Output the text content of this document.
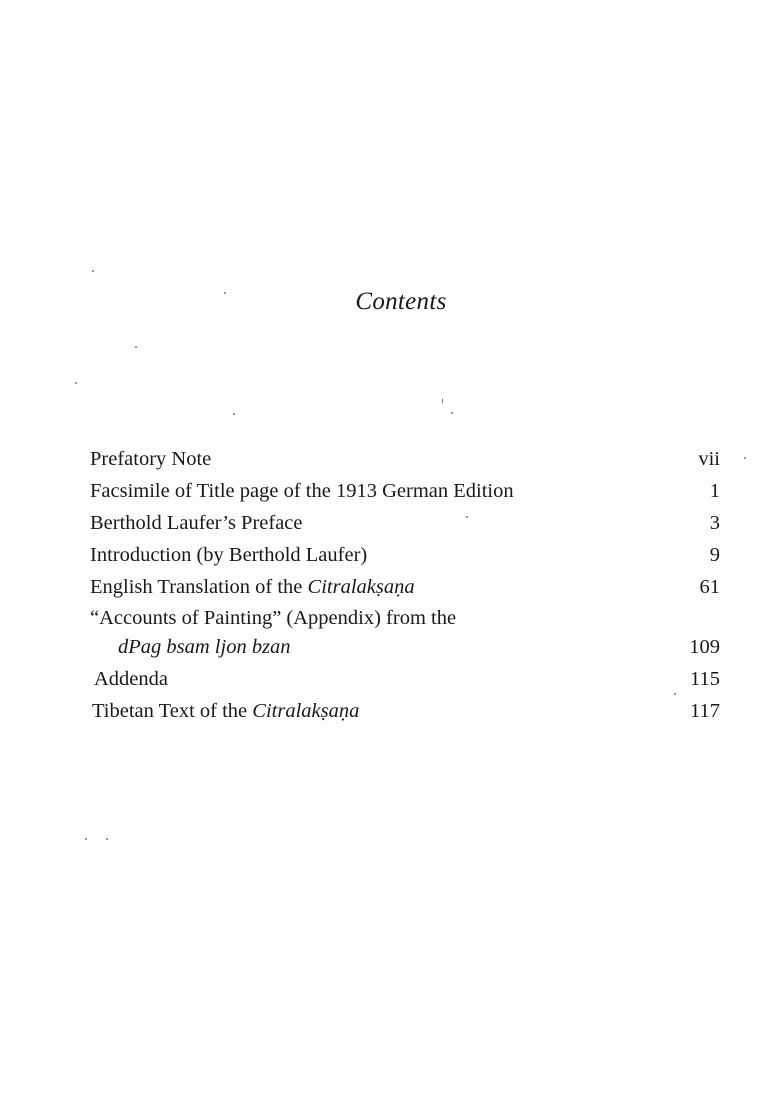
Contents
Prefatory Note	vii
Facsimile of Title page of the 1913 German Edition	1
Berthold Laufer’s Preface	3
Introduction (by Berthold Laufer)	9
English Translation of the Citralakṣaṇa	61
“Accounts of Painting” (Appendix) from the
dPag bsam ljon bzan	109
Addenda	115
Tibetan Text of the Citralakṣaṇa	117
